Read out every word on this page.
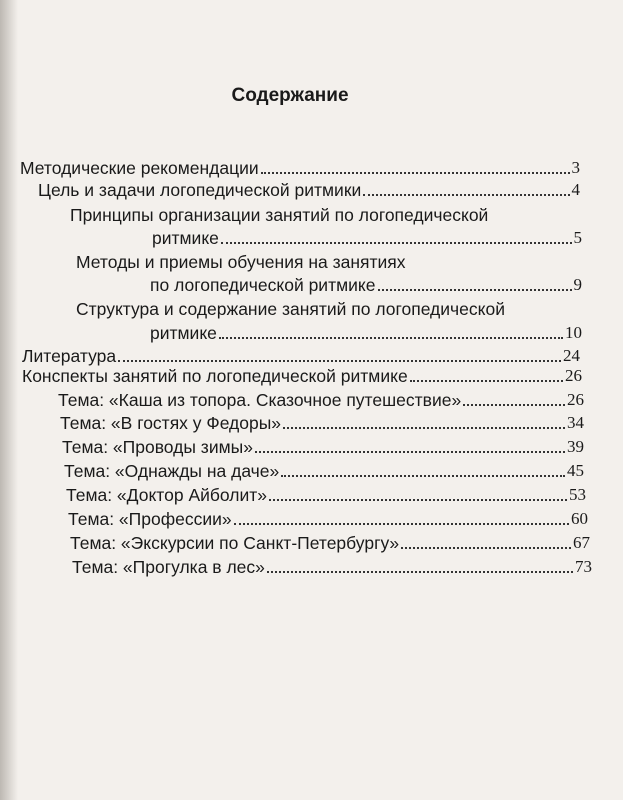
Содержание
Методические рекомендации	3
Цель и задачи логопедической ритмики	4
Принципы организации занятий по логопедической
ритмике	5
Методы и приемы обучения на занятиях
по логопедической ритмике	9
Структура и содержание занятий по логопедической
ритмике	10
Литература	24
Конспекты занятий по логопедической ритмике	26
Тема: «Каша из топора. Сказочное путешествие»	26
Тема: «В гостях у Федоры»	34
Тема: «Проводы зимы»	39
Тема: «Однажды на даче»	45
Тема: «Доктор Айболит»	53
Тема: «Профессии»	60
Тема: «Экскурсии по Санкт-Петербургу»	67
Тема: «Прогулка в лес»	73
